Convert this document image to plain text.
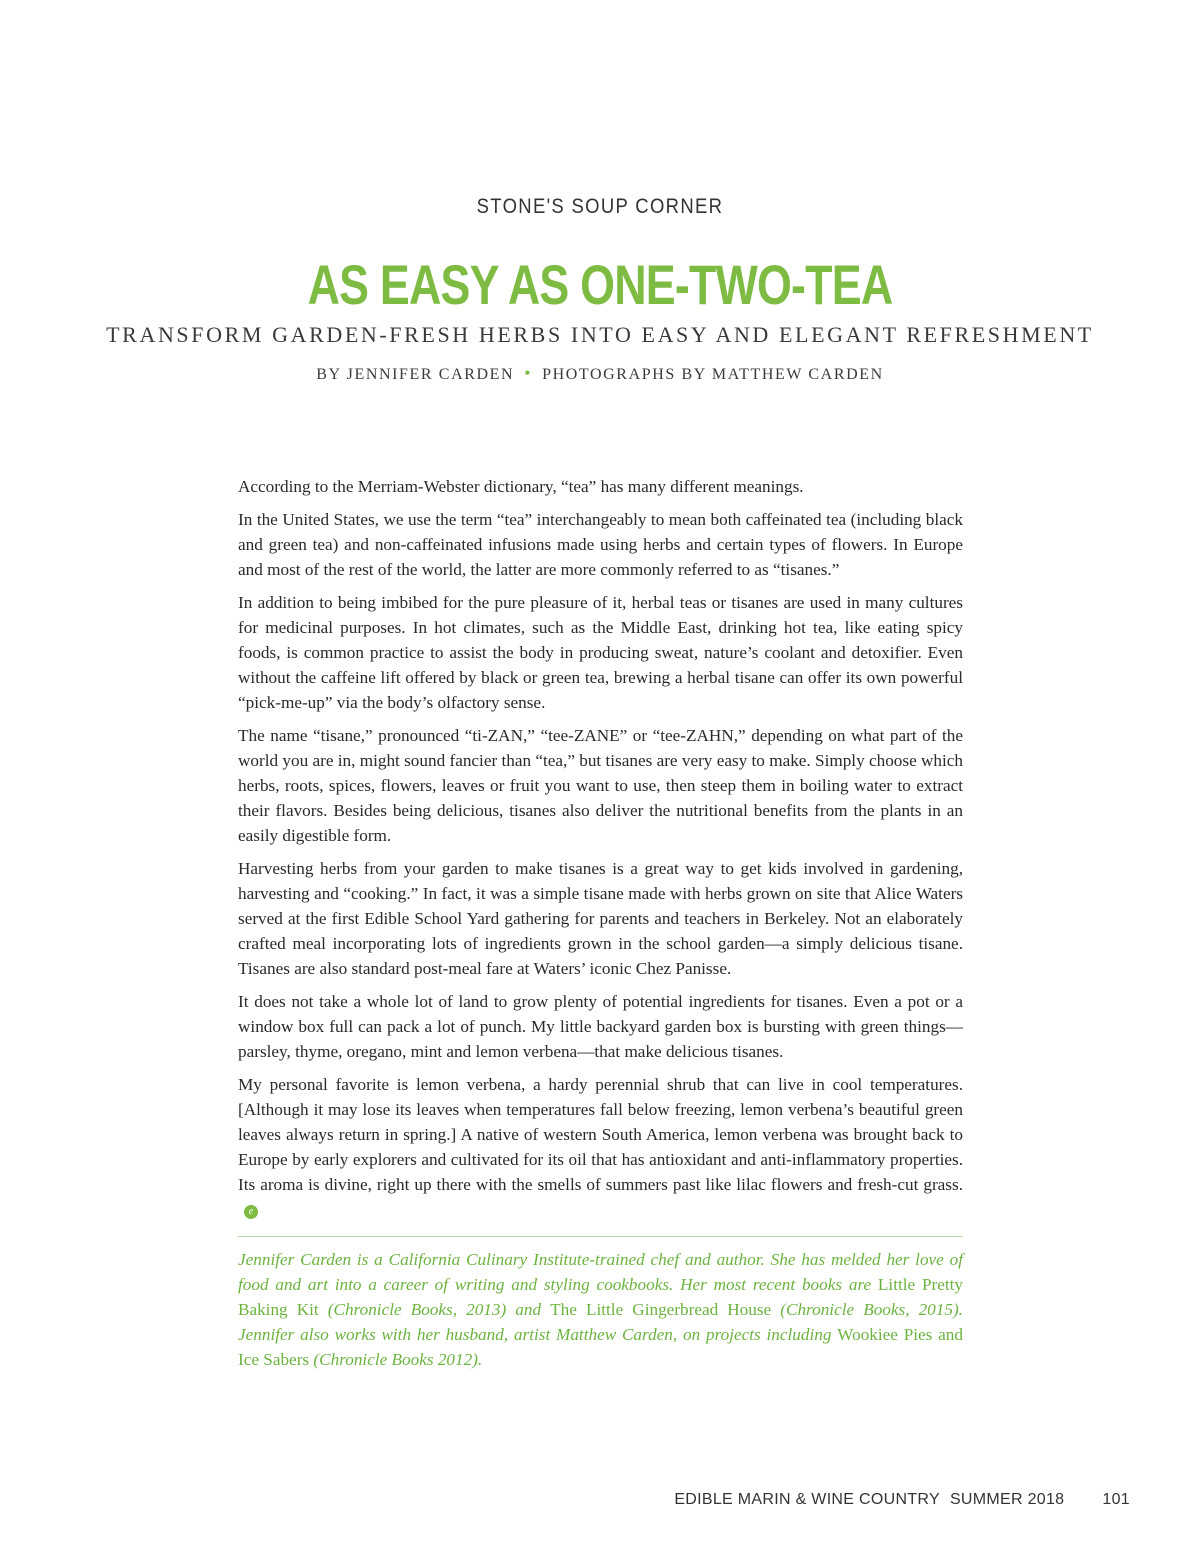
STONE'S SOUP CORNER
AS EASY AS ONE-TWO-TEA
TRANSFORM GARDEN-FRESH HERBS INTO EASY AND ELEGANT REFRESHMENT
BY JENNIFER CARDEN • PHOTOGRAPHS BY MATTHEW CARDEN

According to the Merriam-Webster dictionary, “tea” has many different meanings.

In the United States, we use the term “tea” interchangeably to mean both caffeinated tea (including black and green tea) and non-caffeinated infusions made using herbs and certain types of flowers. In Europe and most of the rest of the world, the latter are more commonly referred to as “tisanes.”

In addition to being imbibed for the pure pleasure of it, herbal teas or tisanes are used in many cultures for medicinal purposes. In hot climates, such as the Middle East, drinking hot tea, like eating spicy foods, is common practice to assist the body in producing sweat, nature’s coolant and detoxifier. Even without the caffeine lift offered by black or green tea, brewing a herbal tisane can offer its own powerful “pick-me-up” via the body’s olfactory sense.

The name “tisane,” pronounced “ti-ZAN,” “tee-ZANE” or “tee-ZAHN,” depending on what part of the world you are in, might sound fancier than “tea,” but tisanes are very easy to make. Simply choose which herbs, roots, spices, flowers, leaves or fruit you want to use, then steep them in boiling water to extract their flavors. Besides being delicious, tisanes also deliver the nutritional benefits from the plants in an easily digestible form.

Harvesting herbs from your garden to make tisanes is a great way to get kids involved in gardening, harvesting and “cooking.” In fact, it was a simple tisane made with herbs grown on site that Alice Waters served at the first Edible School Yard gathering for parents and teachers in Berkeley. Not an elaborately crafted meal incorporating lots of ingredients grown in the school garden—a simply delicious tisane. Tisanes are also standard post-meal fare at Waters’ iconic Chez Panisse.

It does not take a whole lot of land to grow plenty of potential ingredients for tisanes. Even a pot or a window box full can pack a lot of punch. My little backyard garden box is bursting with green things—parsley, thyme, oregano, mint and lemon verbena—that make delicious tisanes.

My personal favorite is lemon verbena, a hardy perennial shrub that can live in cool temperatures. [Although it may lose its leaves when temperatures fall below freezing, lemon verbena’s beautiful green leaves always return in spring.] A native of western South America, lemon verbena was brought back to Europe by early explorers and cultivated for its oil that has antioxidant and anti-inflammatory properties. Its aroma is divine, right up there with the smells of summers past like lilac flowers and fresh-cut grass.e

Jennifer Carden is a California Culinary Institute-trained chef and author. She has melded her love of food and art into a career of writing and styling cookbooks. Her most recent books are Little Pretty Baking Kit (Chronicle Books, 2013) and The Little Gingerbread House (Chronicle Books, 2015). Jennifer also works with her husband, artist Matthew Carden, on projects including Wookiee Pies and Ice Sabers (Chronicle Books 2012).
EDIBLE MARIN & WINE COUNTRY SUMMER 2018 101
